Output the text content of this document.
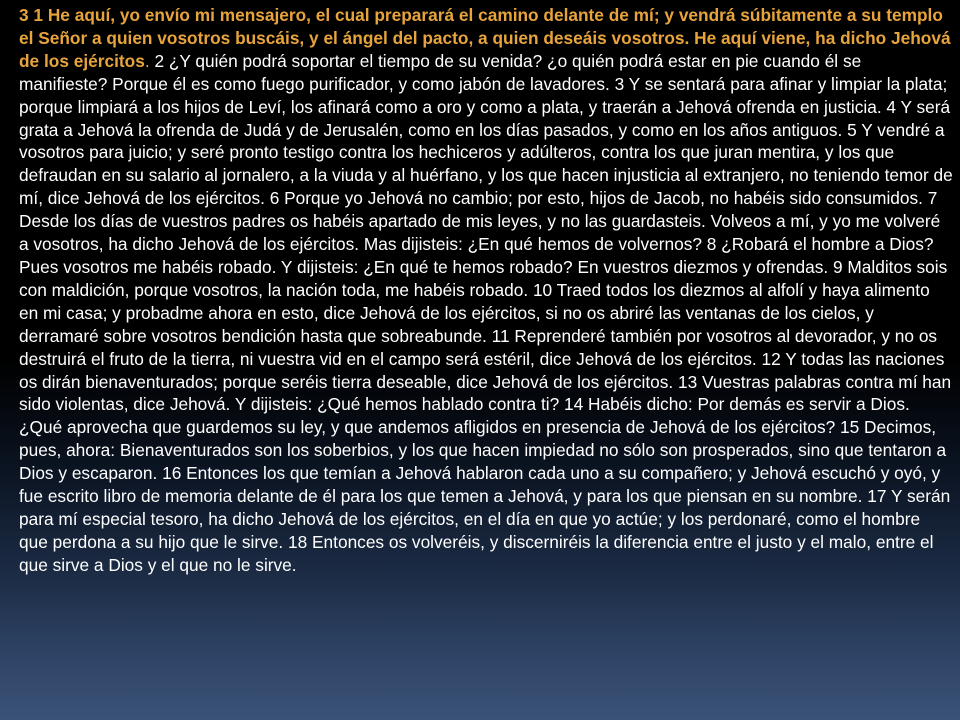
3 1 He aquí, yo envío mi mensajero, el cual preparará el camino delante de mí; y vendrá súbitamente a su templo el Señor a quien vosotros buscáis, y el ángel del pacto, a quien deseáis vosotros. He aquí viene, ha dicho Jehová de los ejércitos. 2 ¿Y quién podrá soportar el tiempo de su venida? ¿o quién podrá estar en pie cuando él se manifieste? Porque él es como fuego purificador, y como jabón de lavadores. 3 Y se sentará para afinar y limpiar la plata; porque limpiará a los hijos de Leví, los afinará como a oro y como a plata, y traerán a Jehová ofrenda en justicia. 4 Y será grata a Jehová la ofrenda de Judá y de Jerusalén, como en los días pasados, y como en los años antiguos. 5 Y vendré a vosotros para juicio; y seré pronto testigo contra los hechiceros y adúlteros, contra los que juran mentira, y los que defraudan en su salario al jornalero, a la viuda y al huérfano, y los que hacen injusticia al extranjero, no teniendo temor de mí, dice Jehová de los ejércitos. 6 Porque yo Jehová no cambio; por esto, hijos de Jacob, no habéis sido consumidos. 7 Desde los días de vuestros padres os habéis apartado de mis leyes, y no las guardasteis. Volveos a mí, y yo me volveré a vosotros, ha dicho Jehová de los ejércitos. Mas dijisteis: ¿En qué hemos de volvernos? 8 ¿Robará el hombre a Dios? Pues vosotros me habéis robado. Y dijisteis: ¿En qué te hemos robado? En vuestros diezmos y ofrendas. 9 Malditos sois con maldición, porque vosotros, la nación toda, me habéis robado. 10 Traed todos los diezmos al alfolí y haya alimento en mi casa; y probadme ahora en esto, dice Jehová de los ejércitos, si no os abriré las ventanas de los cielos, y derramaré sobre vosotros bendición hasta que sobreabunde. 11 Reprenderé también por vosotros al devorador, y no os destruirá el fruto de la tierra, ni vuestra vid en el campo será estéril, dice Jehová de los ejércitos. 12 Y todas las naciones os dirán bienaventurados; porque seréis tierra deseable, dice Jehová de los ejércitos. 13 Vuestras palabras contra mí han sido violentas, dice Jehová. Y dijisteis: ¿Qué hemos hablado contra ti? 14 Habéis dicho: Por demás es servir a Dios. ¿Qué aprovecha que guardemos su ley, y que andemos afligidos en presencia de Jehová de los ejércitos? 15 Decimos, pues, ahora: Bienaventurados son los soberbios, y los que hacen impiedad no sólo son prosperados, sino que tentaron a Dios y escaparon. 16 Entonces los que temían a Jehová hablaron cada uno a su compañero; y Jehová escuchó y oyó, y fue escrito libro de memoria delante de él para los que temen a Jehová, y para los que piensan en su nombre. 17 Y serán para mí especial tesoro, ha dicho Jehová de los ejércitos, en el día en que yo actúe; y los perdonaré, como el hombre que perdona a su hijo que le sirve. 18 Entonces os volveréis, y discerniréis la diferencia entre el justo y el malo, entre el que sirve a Dios y el que no le sirve.
